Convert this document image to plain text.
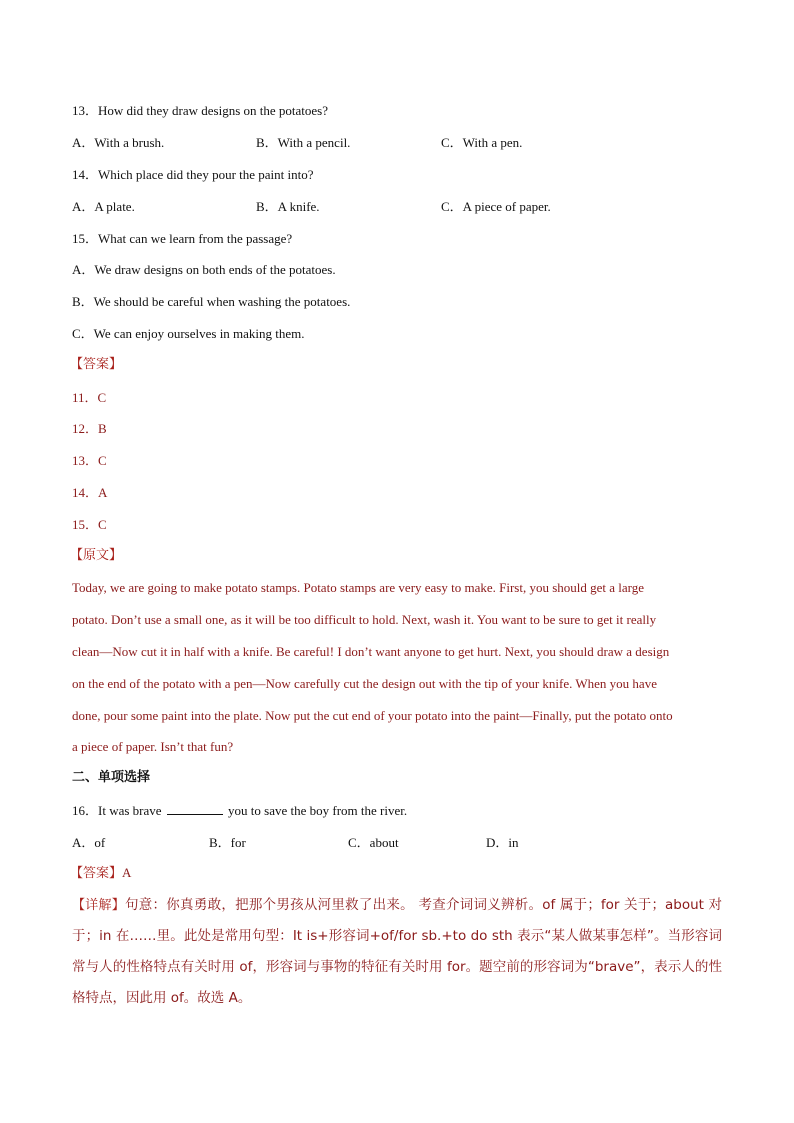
13．How did they draw designs on the potatoes?
A．With a brush.	B．With a pencil.	C．With a pen.
14．Which place did they pour the paint into?
A．A plate.	B．A knife.	C．A piece of paper.
15．What can we learn from the passage?
A．We draw designs on both ends of the potatoes.
B．We should be careful when washing the potatoes.
C．We can enjoy ourselves in making them.
【答案】
11．C
12．B
13．C
14．A
15．C
【原文】
Today, we are going to make potato stamps. Potato stamps are very easy to make. First, you should get a large
potato. Don’t use a small one, as it will be too difficult to hold. Next, wash it. You want to be sure to get it really
clean—Now cut it in half with a knife. Be careful! I don’t want anyone to get hurt. Next, you should draw a design
on the end of the potato with a pen—Now carefully cut the design out with the tip of your knife. When you have
done, pour some paint into the plate. Now put the cut end of your potato into the paint—Finally, put the potato onto
a piece of paper. Isn’t that fun?
二、单项选择
16．It was brave	you to save the boy from the river.
A．of	B．for	C．about	D．in
【答案】A
【详解】句意：你真勇敢，把那个男孩从河里救了出来。 考查介词词义辨析。of 属于；for 关于；about 对于；in 在……里。此处是常用句型：It is+形容词+of/for sb.+to do sth 表示“某人做某事怎样”。当形容词常与人的性格特点有关时用 of，形容词与事物的特征有关时用 for。题空前的形容词为“brave”，表示人的性格特点，因此用 of。故选 A。
